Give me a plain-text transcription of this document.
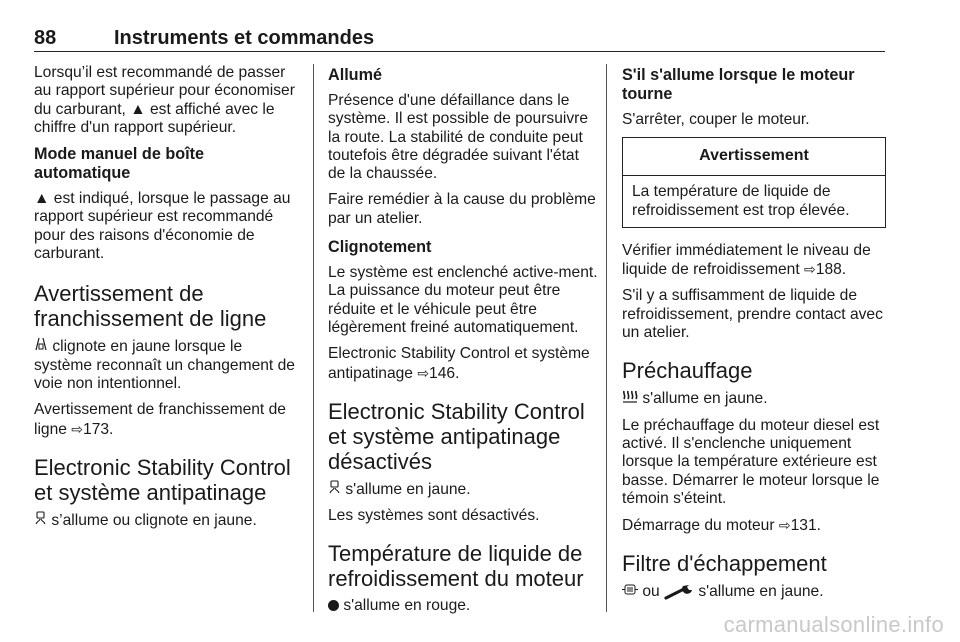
88	Instruments et commandes

Lorsqu’il est recommandé de passer au rapport supérieur pour économiser du carburant, ▲ est affiché avec le chiffre d'un rapport supérieur.

Mode manuel de boîte automatique

▲ est indiqué, lorsque le passage au rapport supérieur est recommandé pour des raisons d'économie de carburant.

Avertissement de franchissement de ligne

clignote en jaune lorsque le système reconnaît un changement de voie non intentionnel.

Avertissement de franchissement de ligne ⇨173.

Electronic Stability Control et système antipatinage

s’allume ou clignote en jaune.

Allumé

Présence d'une défaillance dans le système. Il est possible de poursuivre la route. La stabilité de conduite peut toutefois être dégradée suivant l'état de la chaussée.

Faire remédier à la cause du problème par un atelier.

Clignotement

Le système est enclenché active-ment. La puissance du moteur peut être réduite et le véhicule peut être légèrement freiné automatiquement.

Electronic Stability Control et système antipatinage ⇨146.

Electronic Stability Control et système antipatinage désactivés

s'allume en jaune.

Les systèmes sont désactivés.

Température de liquide de refroidissement du moteur

s'allume en rouge.

S'il s'allume lorsque le moteur tourne

S'arrêter, couper le moteur.

Avertissement
La température de liquide de refroidissement est trop élevée.

Vérifier immédiatement le niveau de liquide de refroidissement ⇨188.

S'il y a suffisamment de liquide de refroidissement, prendre contact avec un atelier.

Préchauffage

s'allume en jaune.

Le préchauffage du moteur diesel est activé. Il s'enclenche uniquement lorsque la température extérieure est basse. Démarrer le moteur lorsque le témoin s'éteint.

Démarrage du moteur ⇨131.

Filtre d'échappement

ou  s'allume en jaune.

carmanualsonline.info
